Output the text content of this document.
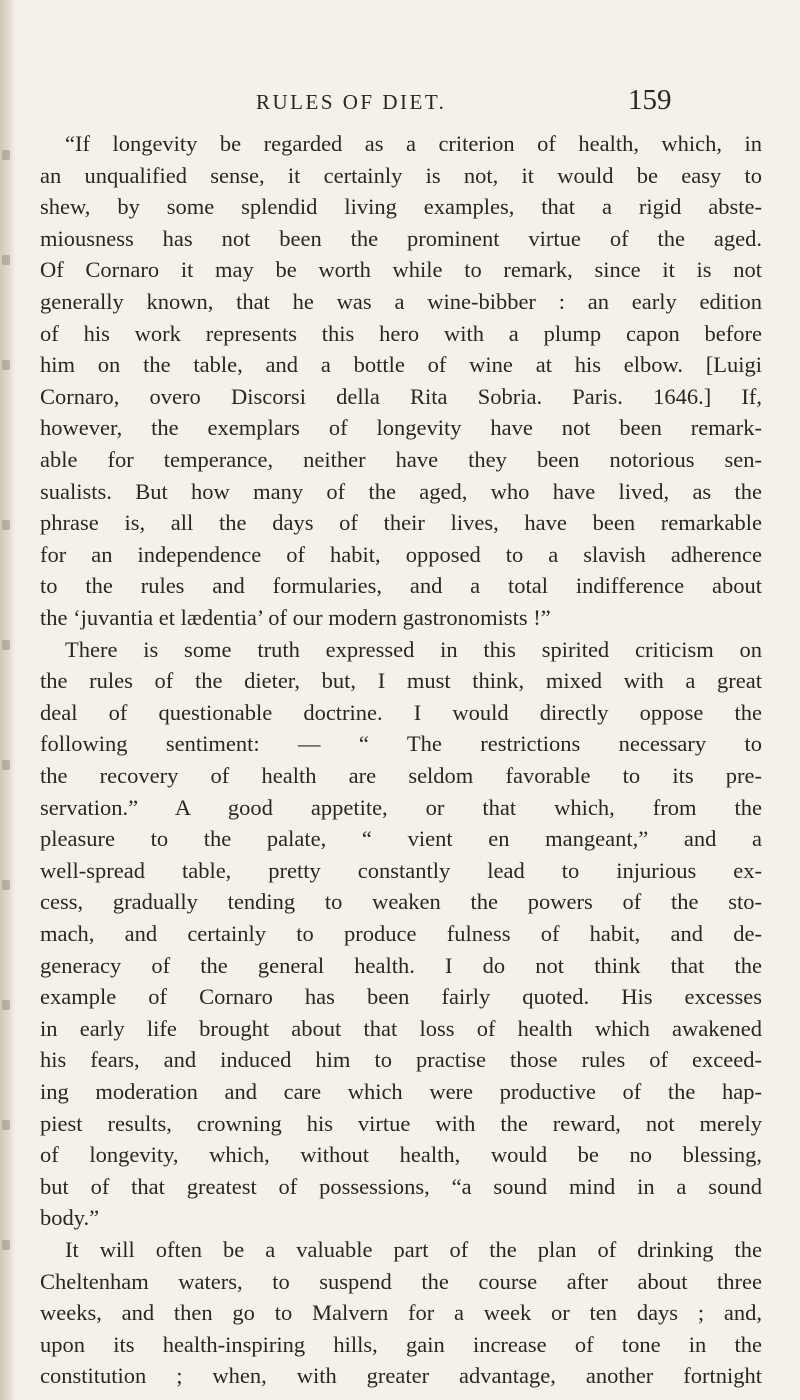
RULES OF DIET.	159
“If longevity be regarded as a criterion of health, which, in
an unqualified sense, it certainly is not, it would be easy to
shew, by some splendid living examples, that a rigid abste-
miousness has not been the prominent virtue of the aged.
Of Cornaro it may be worth while to remark, since it is not
generally known, that he was a wine-bibber : an early edition
of his work represents this hero with a plump capon before
him on the table, and a bottle of wine at his elbow. [Luigi
Cornaro, overo Discorsi della Rita Sobria. Paris. 1646.] If,
however, the exemplars of longevity have not been remark-
able for temperance, neither have they been notorious sen-
sualists. But how many of the aged, who have lived, as the
phrase is, all the days of their lives, have been remarkable
for an independence of habit, opposed to a slavish adherence
to the rules and formularies, and a total indifference about
the ‘juvantia et lædentia’ of our modern gastronomists !”
There is some truth expressed in this spirited criticism on
the rules of the dieter, but, I must think, mixed with a great
deal of questionable doctrine. I would directly oppose the
following sentiment: — “ The restrictions necessary to
the recovery of health are seldom favorable to its pre-
servation.” A good appetite, or that which, from the
pleasure to the palate, “ vient en mangeant,” and a
well-spread table, pretty constantly lead to injurious ex-
cess, gradually tending to weaken the powers of the sto-
mach, and certainly to produce fulness of habit, and de-
generacy of the general health. I do not think that the
example of Cornaro has been fairly quoted. His excesses
in early life brought about that loss of health which awakened
his fears, and induced him to practise those rules of exceed-
ing moderation and care which were productive of the hap-
piest results, crowning his virtue with the reward, not merely
of longevity, which, without health, would be no blessing,
but of that greatest of possessions, “a sound mind in a sound
body.”
It will often be a valuable part of the plan of drinking the
Cheltenham waters, to suspend the course after about three
weeks, and then go to Malvern for a week or ten days ; and,
upon its health-inspiring hills, gain increase of tone in the
constitution ; when, with greater advantage, another fortnight
